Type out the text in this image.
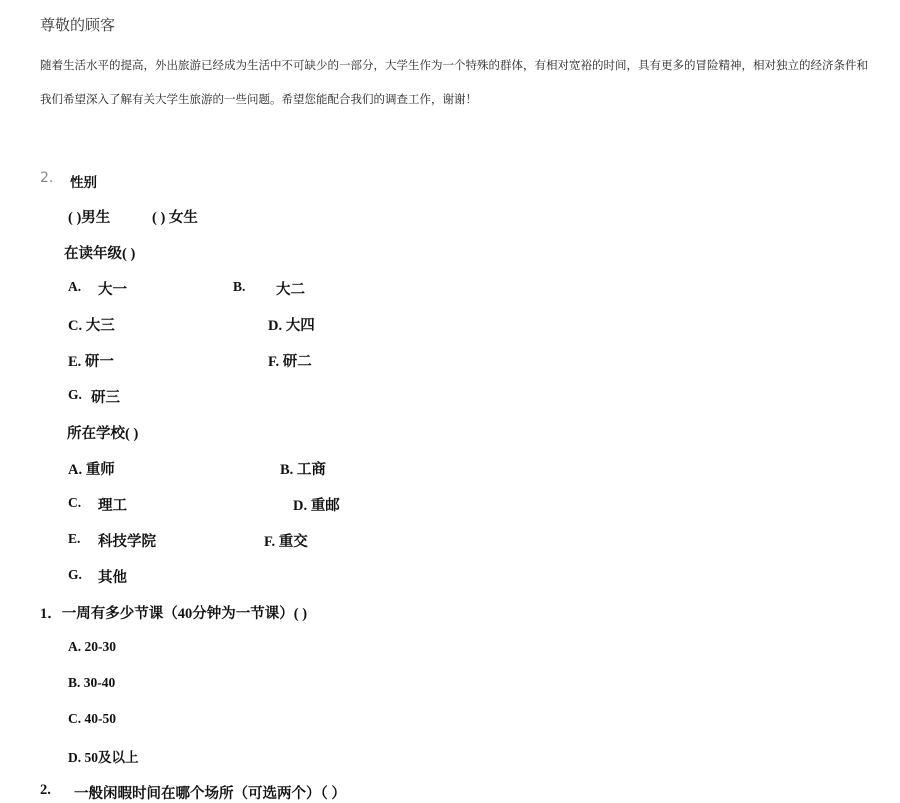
尊敬的顾客
随着生活水平的提高，外出旅游已经成为生活中不可缺少的一部分，大学生作为一个特殊的群体，有相对宽裕的时间，具有更多的冒险精神，相对独立的经济条件和
我们希望深入了解有关大学生旅游的一些问题。希望您能配合我们的调查工作，谢谢！
2. 性别
( )男生	( ) 女生
在读年级( )
A. 大一	B. 大二
C. 大三	D. 大四
E. 研一	F. 研二
G. 研三
所在学校( )
A. 重师	B. 工商
C. 理工	D. 重邮
E. 科技学院	F. 重交
G. 其他
1．一周有多少节课（40分钟为一节课）( )
A. 20-30
B. 30-40
C. 40-50
D. 50及以上
2. 一般闲暇时间在哪个场所（可选两个）（ ）
